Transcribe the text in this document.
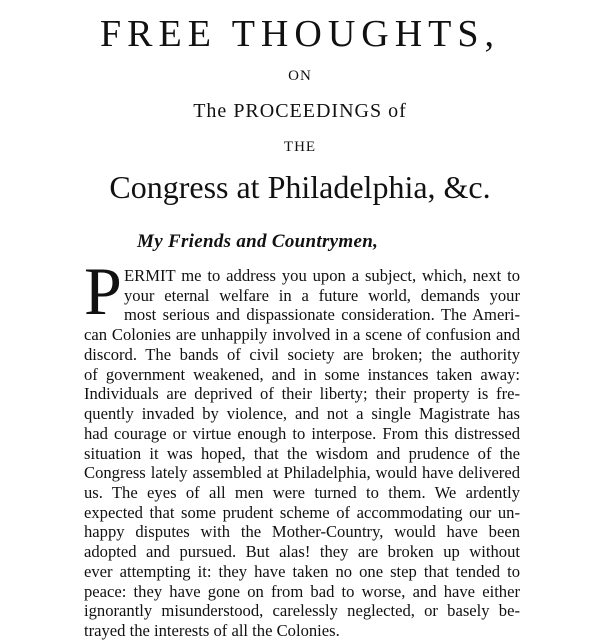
FREE THOUGHTS,
ON
The PROCEEDINGS of
THE
Congress at Philadelphia, &c.
My Friends and Countrymen,
P ERMIT me to address you upon a subject, which, next to
your eternal welfare in a future world, demands your
most serious and dispassionate consideration. The Ameri-
can Colonies are unhappily involved in a scene of confusion and
discord. The bands of civil society are broken; the authority
of government weakened, and in some instances taken away:
Individuals are deprived of their liberty; their property is fre-
quently invaded by violence, and not a single Magistrate has
had courage or virtue enough to interpose. From this distressed
situation it was hoped, that the wisdom and prudence of the
Congress lately assembled at Philadelphia, would have delivered
us. The eyes of all men were turned to them. We ardently
expected that some prudent scheme of accommodating our un-
happy disputes with the Mother-Country, would have been
adopted and pursued. But alas! they are broken up without
ever attempting it: they have taken no one step that tended to
peace: they have gone on from bad to worse, and have either
ignorantly misunderstood, carelessly neglected, or basely be-
trayed the interests of all the Colonies.
